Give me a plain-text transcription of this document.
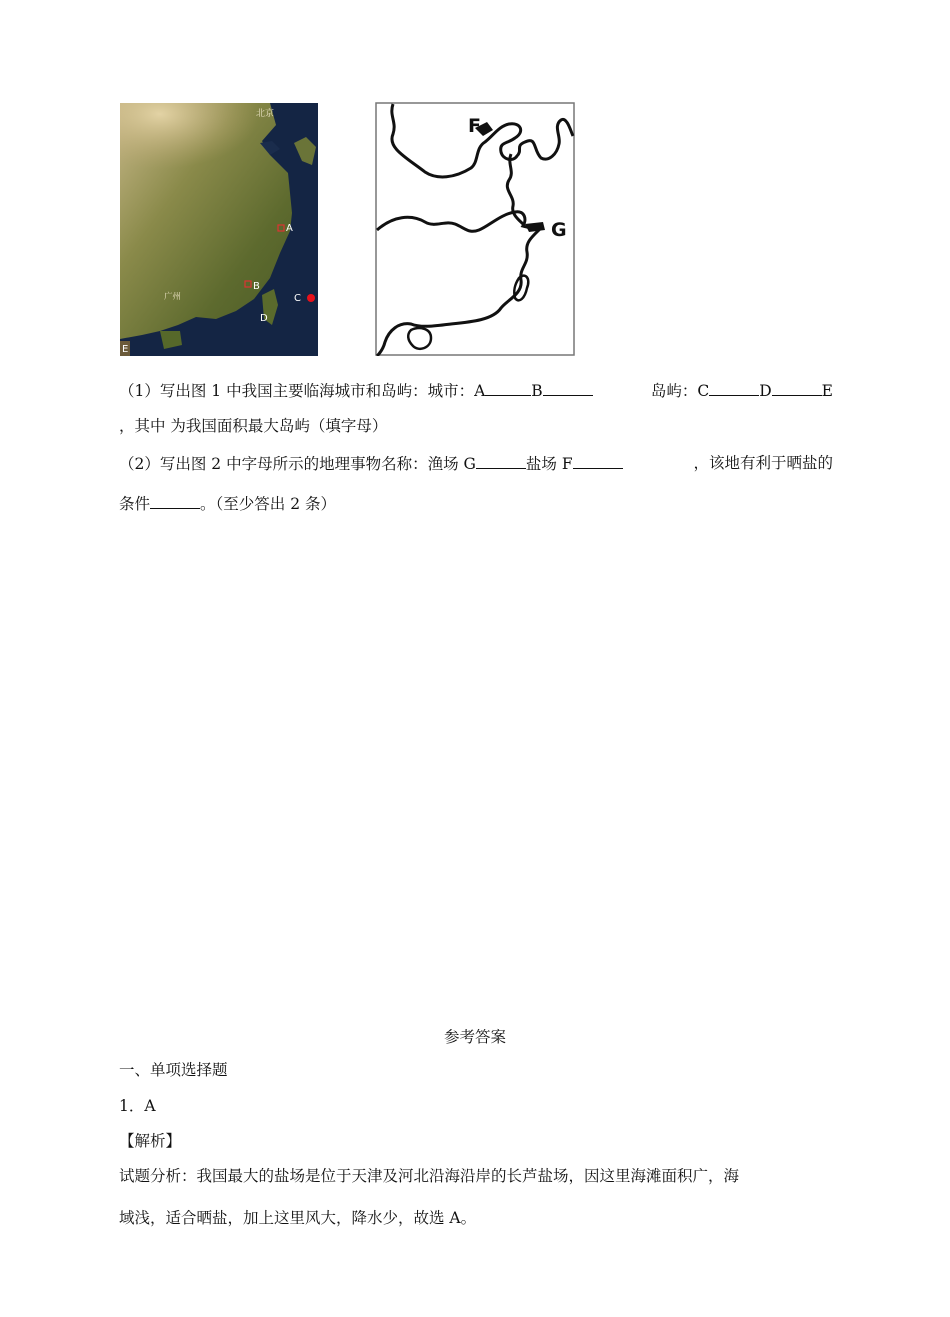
北京
广州
A
B
C
D
E
F
G
（1）写出图 1 中我国主要临海城市和岛屿：城市：A	B	岛屿：C	D	E
，其中 为我国面积最大岛屿（填字母）
（2）写出图 2 中字母所示的地理事物名称：渔场 G	盐场 F	，该地有利于晒盐的
条件	。（至少答出 2 条）
参考答案
一、单项选择题
1．A
【解析】
试题分析：我国最大的盐场是位于天津及河北沿海沿岸的长芦盐场，因这里海滩面积广，海
域浅，适合晒盐，加上这里风大，降水少，故选 A。
